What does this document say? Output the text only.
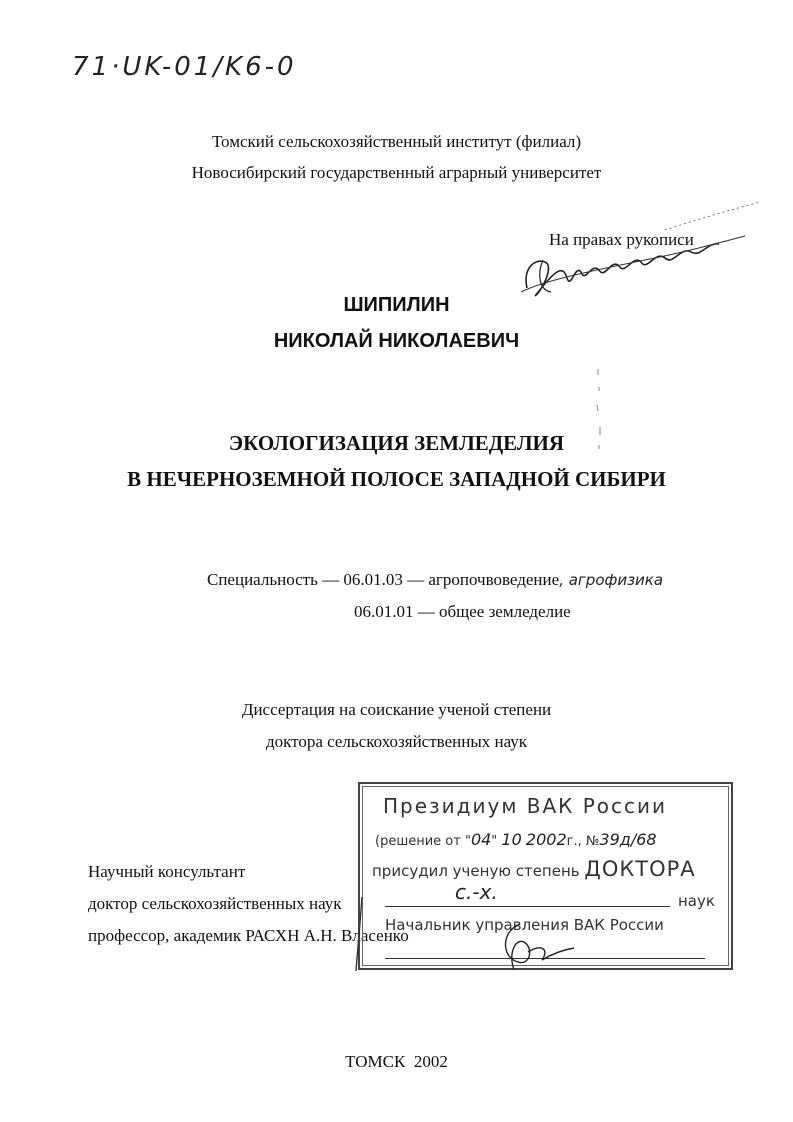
71·UK-01/K6-0
Томский сельскохозяйственный институт (филиал)
Новосибирский государственный аграрный университет
На правах рукописи
ШИПИЛИН
НИКОЛАЙ НИКОЛАЕВИЧ
ЭКОЛОГИЗАЦИЯ ЗЕМЛЕДЕЛИЯ
В НЕЧЕРНОЗЕМНОЙ ПОЛОСЕ ЗАПАДНОЙ СИБИРИ
Специальность — 06.01.03 — агропочвоведение, агрофизика
06.01.01 — общее земледелие
Диссертация на соискание ученой степени
доктора сельскохозяйственных наук
Научный консультант
доктор сельскохозяйственных наук
профессор, академик РАСХН А.Н. Власенко
Президиум ВАК России
(решение от "04" 10 2002г., №39д/68
присудил ученую степень ДОКТОРА
с.-х.	наук
Начальник управления ВАК России
ТОМСК  2002
